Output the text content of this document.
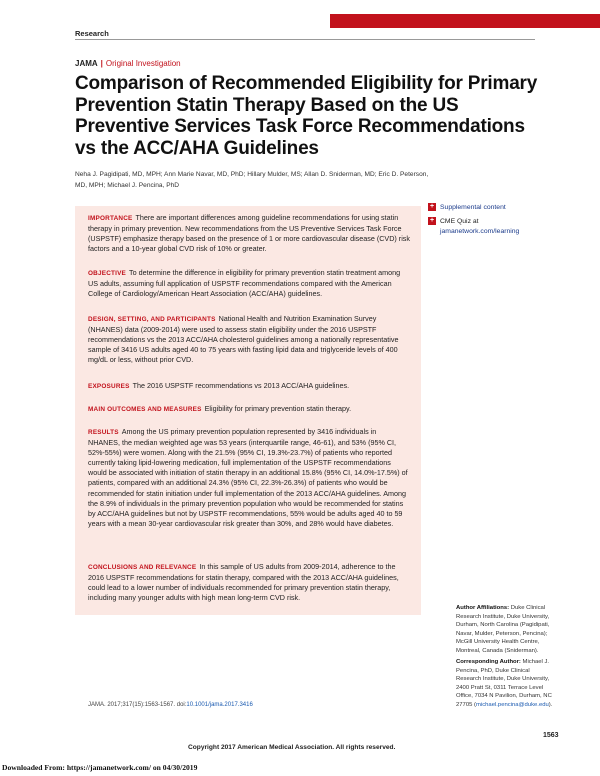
Research
JAMA | Original Investigation
Comparison of Recommended Eligibility for Primary Prevention Statin Therapy Based on the US Preventive Services Task Force Recommendations vs the ACC/AHA Guidelines
Neha J. Pagidipati, MD, MPH; Ann Marie Navar, MD, PhD; Hillary Mulder, MS; Allan D. Sniderman, MD; Eric D. Peterson, MD, MPH; Michael J. Pencina, PhD
IMPORTANCE There are important differences among guideline recommendations for using statin therapy in primary prevention. New recommendations from the US Preventive Services Task Force (USPSTF) emphasize therapy based on the presence of 1 or more cardiovascular disease (CVD) risk factors and a 10-year global CVD risk of 10% or greater.
OBJECTIVE To determine the difference in eligibility for primary prevention statin treatment among US adults, assuming full application of USPSTF recommendations compared with the American College of Cardiology/American Heart Association (ACC/AHA) guidelines.
DESIGN, SETTING, AND PARTICIPANTS National Health and Nutrition Examination Survey (NHANES) data (2009-2014) were used to assess statin eligibility under the 2016 USPSTF recommendations vs the 2013 ACC/AHA cholesterol guidelines among a nationally representative sample of 3416 US adults aged 40 to 75 years with fasting lipid data and triglyceride levels of 400 mg/dL or less, without prior CVD.
EXPOSURES The 2016 USPSTF recommendations vs 2013 ACC/AHA guidelines.
MAIN OUTCOMES AND MEASURES Eligibility for primary prevention statin therapy.
RESULTS Among the US primary prevention population represented by 3416 individuals in NHANES, the median weighted age was 53 years (interquartile range, 46-61), and 53% (95% CI, 52%-55%) were women. Along with the 21.5% (95% CI, 19.3%-23.7%) of patients who reported currently taking lipid-lowering medication, full implementation of the USPSTF recommendations would be associated with initiation of statin therapy in an additional 15.8% (95% CI, 14.0%-17.5%) of patients, compared with an additional 24.3% (95% CI, 22.3%-26.3%) of patients who would be recommended for statin initiation under full implementation of the 2013 ACC/AHA guidelines. Among the 8.9% of individuals in the primary prevention population who would be recommended for statins by ACC/AHA guidelines but not by USPSTF recommendations, 55% would be adults aged 40 to 59 years with a mean 30-year cardiovascular risk greater than 30%, and 28% would have diabetes.
CONCLUSIONS AND RELEVANCE In this sample of US adults from 2009-2014, adherence to the 2016 USPSTF recommendations for statin therapy, compared with the 2013 ACC/AHA guidelines, could lead to a lower number of individuals recommended for primary prevention statin therapy, including many younger adults with high mean long-term CVD risk.
+ Supplemental content
+ CME Quiz at
jamanetwork.com/learning
Author Affiliations: Duke Clinical Research Institute, Duke University, Durham, North Carolina (Pagidipati, Navar, Mulder, Peterson, Pencina); McGill University Health Centre, Montreal, Canada (Sniderman).
Corresponding Author: Michael J. Pencina, PhD, Duke Clinical Research Institute, Duke University, 2400 Pratt St, 0311 Terrace Level Office, 7034 N Pavilion, Durham, NC 27705 (michael.pencina@duke.edu).
JAMA. 2017;317(15):1563-1567. doi:10.1001/jama.2017.3416
1563
Copyright 2017 American Medical Association. All rights reserved.
Downloaded From: https://jamanetwork.com/ on 04/30/2019
